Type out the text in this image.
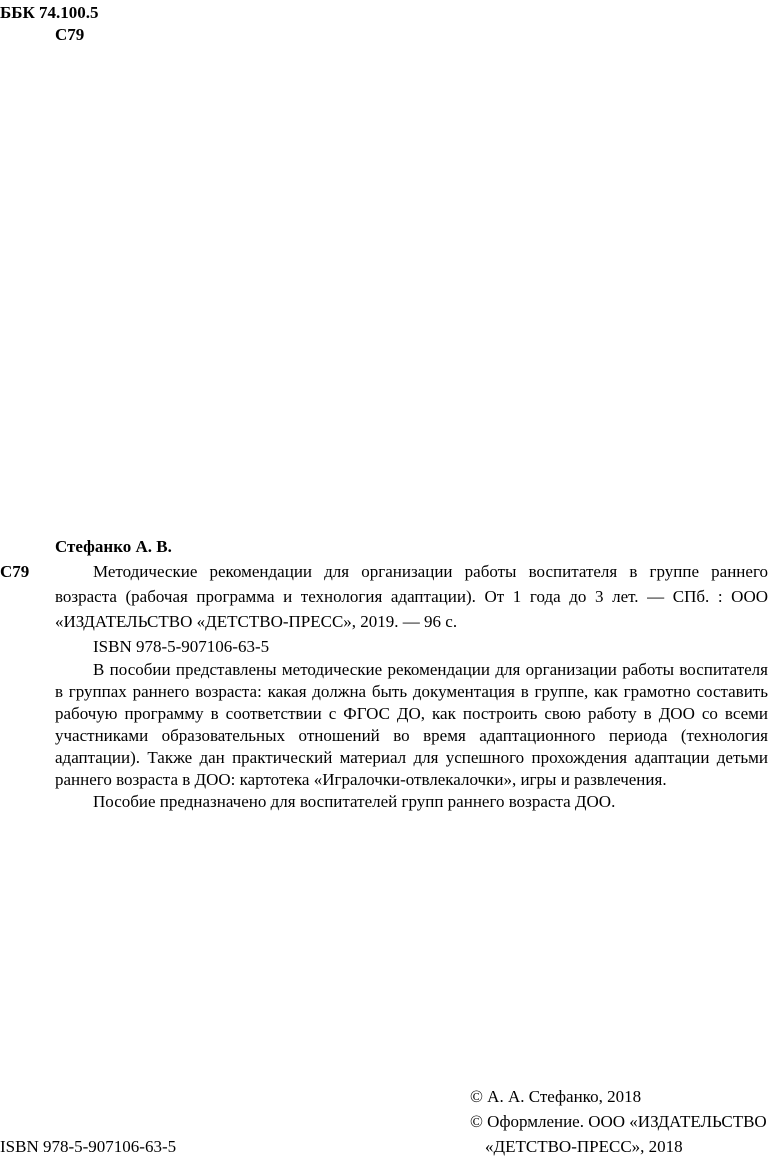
ББК 74.100.5
С79
Стефанко А. В.
С79	Методические рекомендации для организации работы воспитателя в группе раннего возраста (рабочая программа и технология адаптации). От 1 года до 3 лет. — СПб. : ООО «ИЗДАТЕЛЬСТВО «ДЕТСТВО-ПРЕСС», 2019. — 96 с.

ISBN 978-5-907106-63-5

В пособии представлены методические рекомендации для организации работы воспитателя в группах раннего возраста: какая должна быть документация в группе, как грамотно составить рабочую программу в соответствии с ФГОС ДО, как построить свою работу в ДОО со всеми участниками образовательных отношений во время адаптационного периода (технология адаптации). Также дан практический материал для успешного прохождения адаптации детьми раннего возраста в ДОО: картотека «Игралочки-отвлекалочки», игры и развлечения.

Пособие предназначено для воспитателей групп раннего возраста ДОО.

© А. А. Стефанко, 2018
© Оформление. ООО «ИЗДАТЕЛЬСТВО
«ДЕТСТВО-ПРЕСС», 2018
ISBN 978-5-907106-63-5
